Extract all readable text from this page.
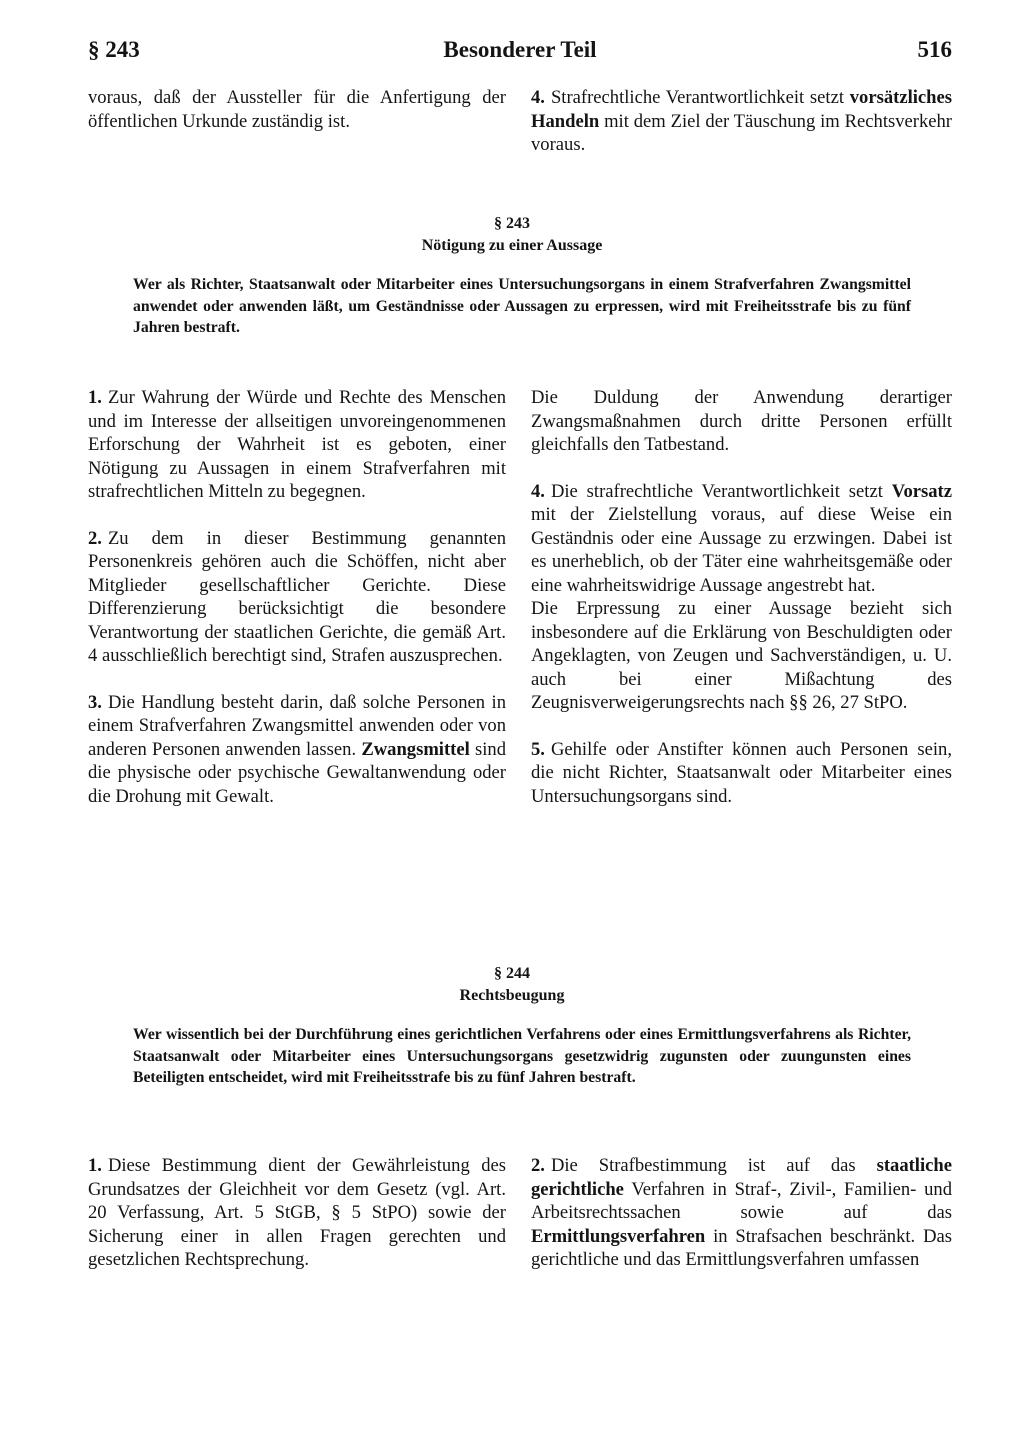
§ 243	Besonderer Teil	516

voraus, daß der Aussteller für die Anfertigung der öffentlichen Urkunde zuständig ist.

4. Strafrechtliche Verantwortlichkeit setzt vorsätzliches Handeln mit dem Ziel der Täuschung im Rechtsverkehr voraus.

§ 243
Nötigung zu einer Aussage
Wer als Richter, Staatsanwalt oder Mitarbeiter eines Untersuchungsorgans in einem Strafverfahren Zwangsmittel anwendet oder anwenden läßt, um Geständnisse oder Aussagen zu erpressen, wird mit Freiheitsstrafe bis zu fünf Jahren bestraft.

1. Zur Wahrung der Würde und Rechte des Menschen und im Interesse der allseitigen unvoreingenommenen Erforschung der Wahrheit ist es geboten, einer Nötigung zu Aussagen in einem Strafverfahren mit strafrechtlichen Mitteln zu begegnen.

2. Zu dem in dieser Bestimmung genannten Personenkreis gehören auch die Schöffen, nicht aber Mitglieder gesellschaftlicher Gerichte. Diese Differenzierung berücksichtigt die besondere Verantwortung der staatlichen Gerichte, die gemäß Art. 4 ausschließlich berechtigt sind, Strafen auszusprechen.

3. Die Handlung besteht darin, daß solche Personen in einem Strafverfahren Zwangsmittel anwenden oder von anderen Personen anwenden lassen. Zwangsmittel sind die physische oder psychische Gewaltanwendung oder die Drohung mit Gewalt.

Die Duldung der Anwendung derartiger Zwangsmaßnahmen durch dritte Personen erfüllt gleichfalls den Tatbestand.

4. Die strafrechtliche Verantwortlichkeit setzt Vorsatz mit der Zielstellung voraus, auf diese Weise ein Geständnis oder eine Aussage zu erzwingen. Dabei ist es unerheblich, ob der Täter eine wahrheitsgemäße oder eine wahrheitswidrige Aussage angestrebt hat.

Die Erpressung zu einer Aussage bezieht sich insbesondere auf die Erklärung von Beschuldigten oder Angeklagten, von Zeugen und Sachverständigen, u. U. auch bei einer Mißachtung des Zeugnisverweigerungsrechts nach §§ 26, 27 StPO.

5. Gehilfe oder Anstifter können auch Personen sein, die nicht Richter, Staatsanwalt oder Mitarbeiter eines Untersuchungsorgans sind.

§ 244
Rechtsbeugung
Wer wissentlich bei der Durchführung eines gerichtlichen Verfahrens oder eines Ermittlungsverfahrens als Richter, Staatsanwalt oder Mitarbeiter eines Untersuchungsorgans gesetzwidrig zugunsten oder zuungunsten eines Beteiligten entscheidet, wird mit Freiheitsstrafe bis zu fünf Jahren bestraft.

1. Diese Bestimmung dient der Gewährleistung des Grundsatzes der Gleichheit vor dem Gesetz (vgl. Art. 20 Verfassung, Art. 5 StGB, § 5 StPO) sowie der Sicherung einer in allen Fragen gerechten und gesetzlichen Rechtsprechung.

2. Die Strafbestimmung ist auf das staatliche gerichtliche Verfahren in Straf-, Zivil-, Familien- und Arbeitsrechtssachen sowie auf das Ermittlungsverfahren in Strafsachen beschränkt. Das gerichtliche und das Ermittlungsverfahren umfassen
